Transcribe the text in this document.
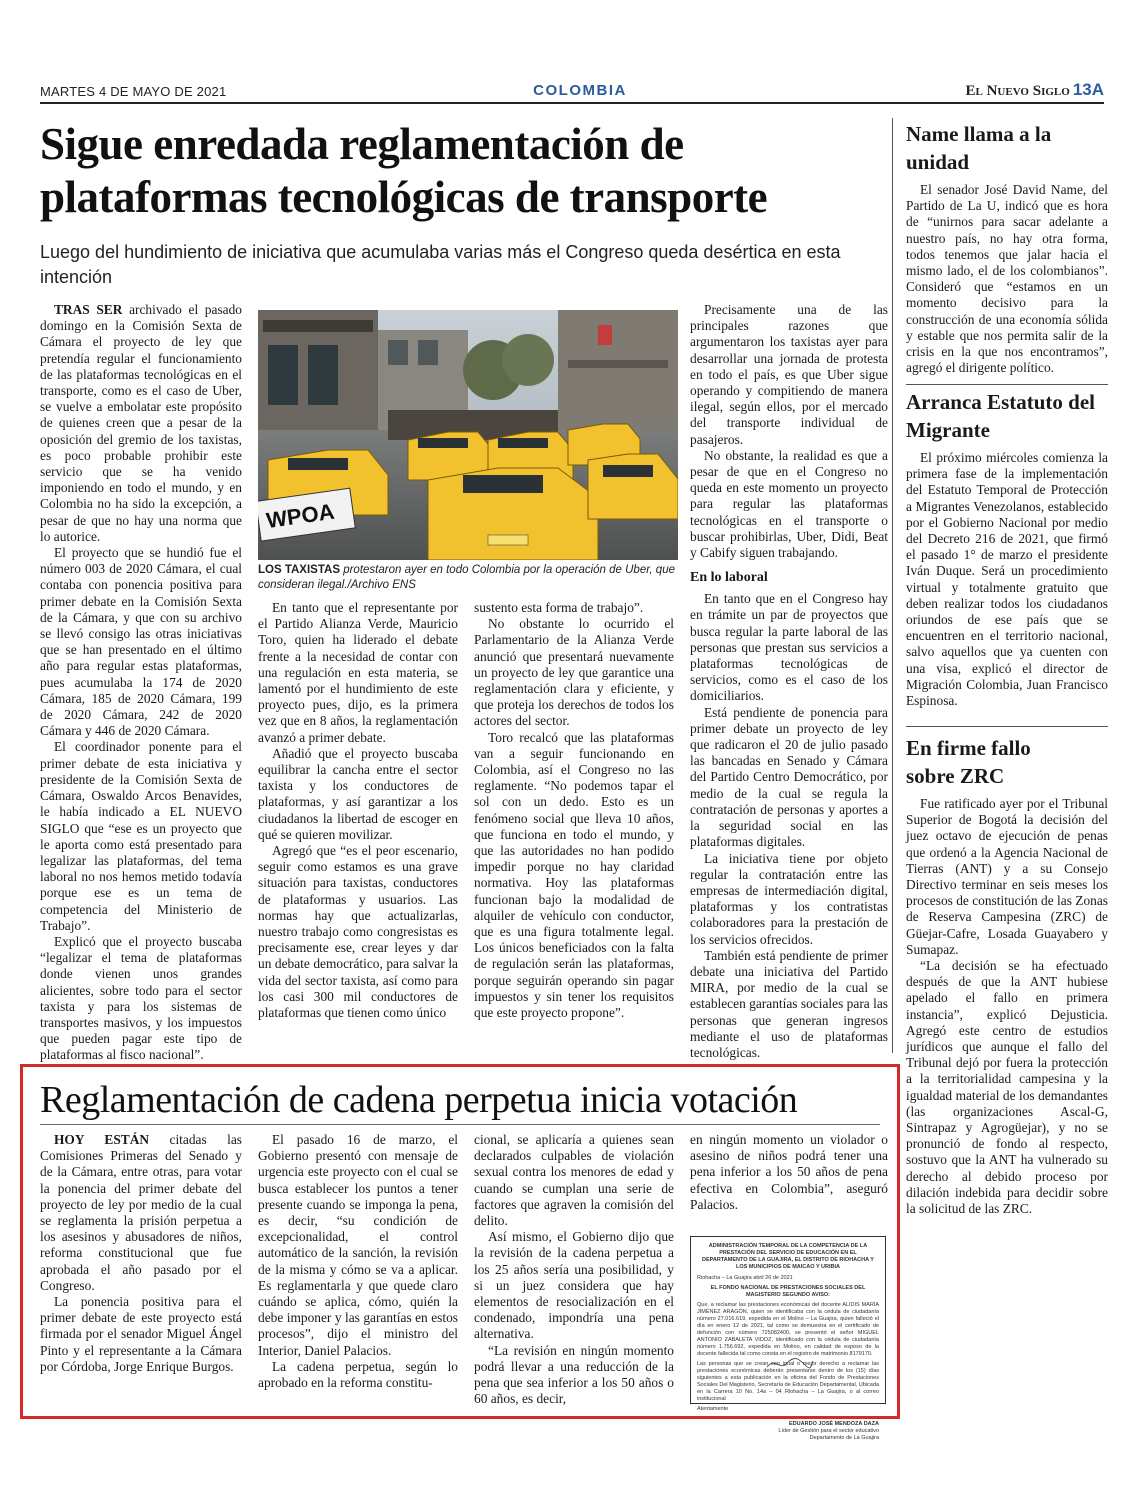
MARTES 4 DE MAYO DE 2021	COLOMBIA	El Nuevo Siglo 13A
Sigue enredada reglamentación de plataformas tecnológicas de transporte
Luego del hundimiento de iniciativa que acumulaba varias más el Congreso queda desértica en esta intención

TRAS SER archivado el pasado domingo en la Comisión Sexta de Cámara el proyecto de ley que pretendía regular el funcionamiento de las plataformas tecnológicas en el transporte, como es el caso de Uber, se vuelve a embolatar este propósito de quienes creen que a pesar de la oposición del gremio de los taxistas, es poco probable prohibir este servicio que se ha venido imponiendo en todo el mundo, y en Colombia no ha sido la excepción, a pesar de que no hay una norma que lo autorice.

El proyecto que se hundió fue el número 003 de 2020 Cámara, el cual contaba con ponencia positiva para primer debate en la Comisión Sexta de la Cámara, y que con su archivo se llevó consigo las otras iniciativas que se han presentado en el último año para regular estas plataformas, pues acumulaba la 174 de 2020 Cámara, 185 de 2020 Cámara, 199 de 2020 Cámara, 242 de 2020 Cámara y 446 de 2020 Cámara.

El coordinador ponente para el primer debate de esta iniciativa y presidente de la Comisión Sexta de Cámara, Oswaldo Arcos Benavides, le había indicado a EL NUEVO SIGLO que “ese es un proyecto que le aporta como está presentado para legalizar las plataformas, del tema laboral no nos hemos metido todavía porque ese es un tema de competencia del Ministerio de Trabajo”.

Explicó que el proyecto buscaba “legalizar el tema de plataformas donde vienen unos grandes alicientes, sobre todo para el sector taxista y para los sistemas de transportes masivos, y los impuestos que pueden pagar este tipo de plataformas al fisco nacional”.

WPOA
LOS TAXISTAS protestaron ayer en todo Colombia por la operación de Uber, que consideran ilegal./Archivo ENS

En tanto que el representante por el Partido Alianza Verde, Mauricio Toro, quien ha liderado el debate frente a la necesidad de contar con una regulación en esta materia, se lamentó por el hundimiento de este proyecto pues, dijo, es la primera vez que en 8 años, la reglamentación avanzó a primer debate.

Añadió que el proyecto buscaba equilibrar la cancha entre el sector taxista y los conductores de plataformas, y así garantizar a los ciudadanos la libertad de escoger en qué se quieren movilizar.

Agregó que “es el peor escenario, seguir como estamos es una grave situación para taxistas, conductores de plataformas y usuarios. Las normas hay que actualizarlas, nuestro trabajo como congresistas es precisamente ese, crear leyes y dar un debate democrático, para salvar la vida del sector taxista, así como para los casi 300 mil conductores de plataformas que tienen como único

sustento esta forma de trabajo”.

No obstante lo ocurrido el Parlamentario de la Alianza Verde anunció que presentará nuevamente un proyecto de ley que garantice una reglamentación clara y eficiente, y que proteja los derechos de todos los actores del sector.

Toro recalcó que las plataformas van a seguir funcionando en Colombia, así el Congreso no las reglamente. “No podemos tapar el sol con un dedo. Esto es un fenómeno social que lleva 10 años, que funciona en todo el mundo, y que las autoridades no han podido impedir porque no hay claridad normativa. Hoy las plataformas funcionan bajo la modalidad de alquiler de vehículo con conductor, que es una figura totalmente legal. Los únicos beneficiados con la falta de regulación serán las plataformas, porque seguirán operando sin pagar impuestos y sin tener los requisitos que este proyecto propone”.

Precisamente una de las principales razones que argumentaron los taxistas ayer para desarrollar una jornada de protesta en todo el país, es que Uber sigue operando y compitiendo de manera ilegal, según ellos, por el mercado del transporte individual de pasajeros.

No obstante, la realidad es que a pesar de que en el Congreso no queda en este momento un proyecto para regular las plataformas tecnológicas en el transporte o buscar prohibirlas, Uber, Didi, Beat y Cabify siguen trabajando.

En lo laboral

En tanto que en el Congreso hay en trámite un par de proyectos que busca regular la parte laboral de las personas que prestan sus servicios a plataformas tecnológicas de servicios, como es el caso de los domiciliarios.

Está pendiente de ponencia para primer debate un proyecto de ley que radicaron el 20 de julio pasado las bancadas en Senado y Cámara del Partido Centro Democrático, por medio de la cual se regula la contratación de personas y aportes a la seguridad social en las plataformas digitales.

La iniciativa tiene por objeto regular la contratación entre las empresas de intermediación digital, plataformas y los contratistas colaboradores para la prestación de los servicios ofrecidos.

También está pendiente de primer debate una iniciativa del Partido MIRA, por medio de la cual se establecen garantías sociales para las personas que generan ingresos mediante el uso de plataformas tecnológicas.

Name llama a la unidad

El senador José David Name, del Partido de La U, indicó que es hora de “unirnos para sacar adelante a nuestro país, no hay otra forma, todos tenemos que jalar hacia el mismo lado, el de los colombianos”. Consideró que “estamos en un momento decisivo para la construcción de una economía sólida y estable que nos permita salir de la crisis en la que nos encontramos”, agregó el dirigente político.

Arranca Estatuto del Migrante

El próximo miércoles comienza la primera fase de la implementación del Estatuto Temporal de Protección a Migrantes Venezolanos, establecido por el Gobierno Nacional por medio del Decreto 216 de 2021, que firmó el pasado 1° de marzo el presidente Iván Duque. Será un procedimiento virtual y totalmente gratuito que deben realizar todos los ciudadanos oriundos de ese país que se encuentren en el territorio nacional, salvo aquellos que ya cuenten con una visa, explicó el director de Migración Colombia, Juan Francisco Espinosa.

En firme fallo sobre ZRC

Fue ratificado ayer por el Tribunal Superior de Bogotá la decisión del juez octavo de ejecución de penas que ordenó a la Agencia Nacional de Tierras (ANT) y a su Consejo Directivo terminar en seis meses los procesos de constitución de las Zonas de Reserva Campesina (ZRC) de Güejar-Cafre, Losada Guayabero y Sumapaz.

“La decisión se ha efectuado después de que la ANT hubiese apelado el fallo en primera instancia”, explicó Dejusticia. Agregó este centro de estudios jurídicos que aunque el fallo del Tribunal dejó por fuera la protección a la territorialidad campesina y la igualdad material de los demandantes (las organizaciones Ascal-G, Sintrapaz y Agrogüejar), y no se pronunció de fondo al respecto, sostuvo que la ANT ha vulnerado su derecho al debido proceso por dilación indebida para decidir sobre la solicitud de las ZRC.

Reglamentación de cadena perpetua inicia votación

HOY ESTÁN citadas las Comisiones Primeras del Senado y de la Cámara, entre otras, para votar la ponencia del primer debate del proyecto de ley por medio de la cual se reglamenta la prisión perpetua a los asesinos y abusadores de niños, reforma constitucional que fue aprobada el año pasado por el Congreso.

La ponencia positiva para el primer debate de este proyecto está firmada por el senador Miguel Ángel Pinto y el representante a la Cámara por Córdoba, Jorge Enrique Burgos.

El pasado 16 de marzo, el Gobierno presentó con mensaje de urgencia este proyecto con el cual se busca establecer los puntos a tener presente cuando se imponga la pena, es decir, “su condición de excepcionalidad, el control automático de la sanción, la revisión de la misma y cómo se va a aplicar. Es reglamentarla y que quede claro cuándo se aplica, cómo, quién la debe imponer y las garantías en estos procesos”, dijo el ministro del Interior, Daniel Palacios.

La cadena perpetua, según lo aprobado en la reforma constitu-

cional, se aplicaría a quienes sean declarados culpables de violación sexual contra los menores de edad y cuando se cumplan una serie de factores que agraven la comisión del delito.

Así mismo, el Gobierno dijo que la revisión de la cadena perpetua a los 25 años sería una posibilidad, y si un juez considera que hay elementos de resocialización en el condenado, impondría una pena alternativa.

“La revisión en ningún momento podrá llevar a una reducción de la pena que sea inferior a los 50 años o 60 años, es decir,

en ningún momento un violador o asesino de niños podrá tener una pena inferior a los 50 años de pena efectiva en Colombia”, aseguró Palacios.

ADMINISTRACIÓN TEMPORAL DE LA COMPETENCIA DE LA PRESTACIÓN DEL SERVICIO DE EDUCACIÓN EN EL DEPARTAMENTO DE LA GUAJIRA, EL DISTRITO DE RIOHACHA Y LOS MUNICIPIOS DE MAICAO Y URIBIA
Riohacha – La Guajira abril 26 de 2021
EL FONDO NACIONAL DE PRESTACIONES SOCIALES DEL MAGISTERIO SEGUNDO AVISO:
Que, a reclamar las prestaciones económicas del docente ALIDIS MARÍA JIMÉNEZ ARAGÓN, quien se identificaba con la cédula de ciudadanía número 27.016.619, expedida en el Molino – La Guajira, quien falleció el día en enero 12 de 2021, tal como se demuestra en el certificado de defunción con número 725082400, se presentó el señor MIGUEL ANTONIO ZABALETA VIDOZ, identificado con la cédula de ciudadanía número 1.756.692, expedida en Molino, en calidad de esposo de la docente fallecida tal como consta en el registro de matrimonio 8179170.
Las personas que se crean con igual o mejor derecho a reclamar las prestaciones económicas deberán presentarse dentro de los (15) días siguientes a esta publicación en la oficina del Fondo de Prestaciones Sociales Del Magisterio, Secretaría de Educación Departamental, Ubicada en la Carrera 10 No. 14a – 04 Riohacha – La Guajira, o al correo institucional
Atentamente
EDUARDO JOSÉ MENDOZA DAZA
Líder de Gestión para el sector educativo
Departamento de La Guajira
